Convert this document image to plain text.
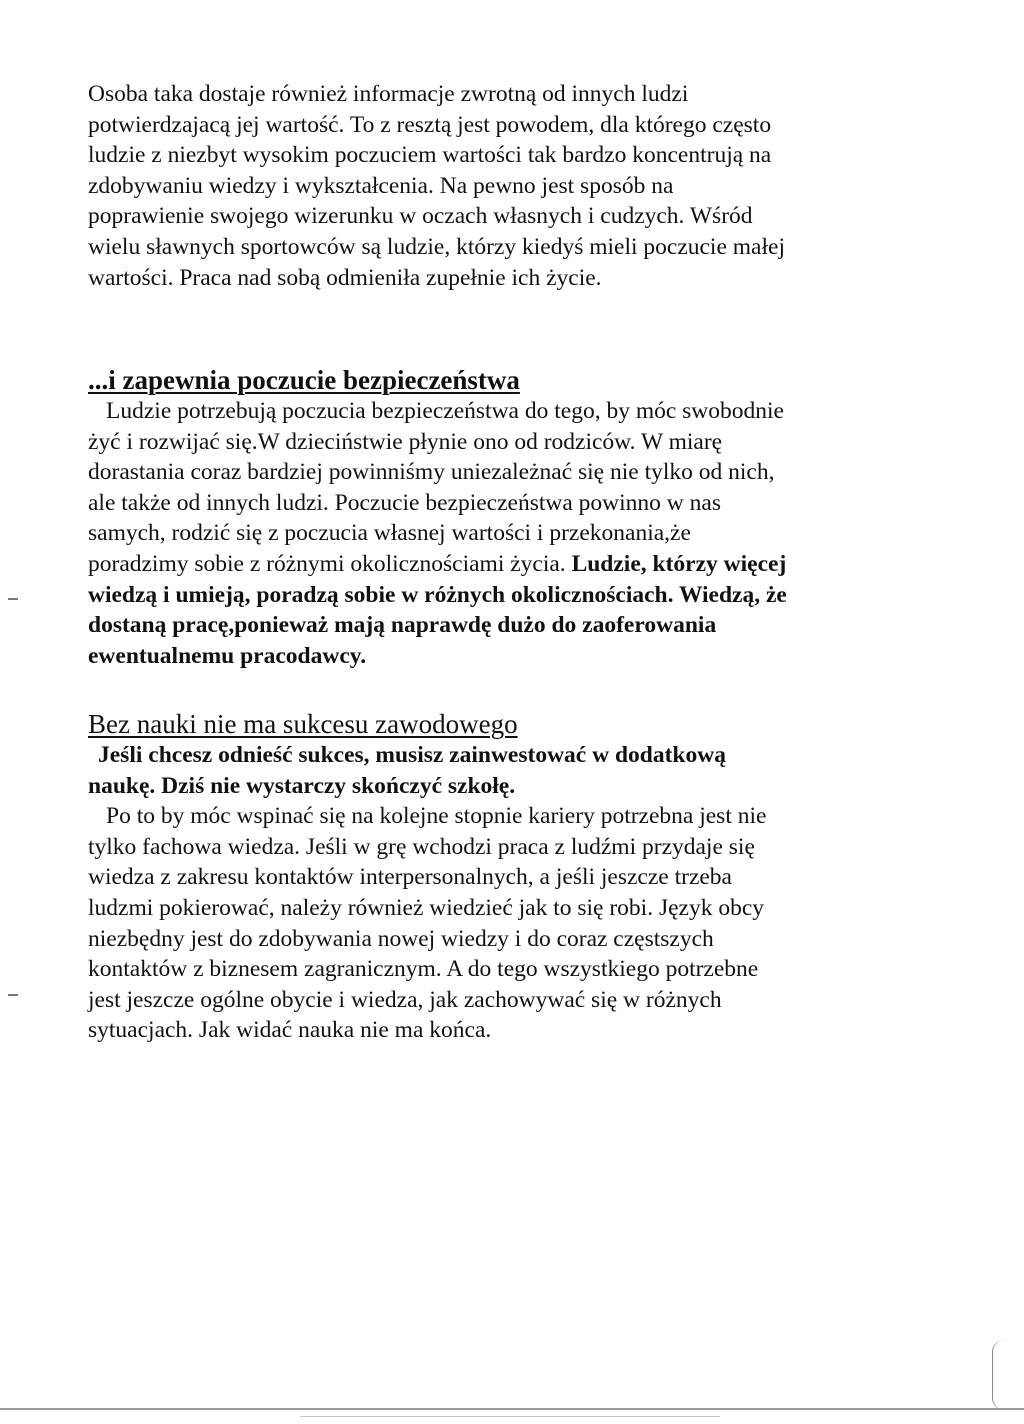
Osoba taka dostaje również informacje zwrotną od innych ludzi
potwierdzajacą jej wartość. To z resztą jest powodem, dla którego często
ludzie z niezbyt wysokim poczuciem wartości tak bardzo koncentrują na
zdobywaniu wiedzy i wykształcenia. Na pewno jest sposób na
poprawienie swojego wizerunku w oczach własnych i cudzych. Wśród
wielu sławnych sportowców są ludzie, którzy kiedyś mieli poczucie małej
wartości. Praca nad sobą odmieniła zupełnie ich życie.
...i zapewnia poczucie bezpieczeństwa
Ludzie potrzebują poczucia bezpieczeństwa do tego, by móc swobodnie
żyć i rozwijać się.W dzieciństwie płynie ono od rodziców. W miarę
dorastania coraz bardziej powinniśmy uniezależnać się nie tylko od nich,
ale także od innych ludzi. Poczucie bezpieczeństwa powinno w nas
samych, rodzić się z poczucia własnej wartości i przekonania,że
poradzimy sobie z różnymi okolicznościami życia. Ludzie, którzy więcej
wiedzą i umieją, poradzą sobie w różnych okolicznościach. Wiedzą, że
dostaną pracę,ponieważ mają naprawdę dużo do zaoferowania
ewentualnemu pracodawcy.
Bez nauki nie ma sukcesu zawodowego
Jeśli chcesz odnieść sukces, musisz zainwestować w dodatkową
naukę. Dziś nie wystarczy skończyć szkołę.
Po to by móc wspinać się na kolejne stopnie kariery potrzebna jest nie
tylko fachowa wiedza. Jeśli w grę wchodzi praca z ludźmi przydaje się
wiedza z zakresu kontaktów interpersonalnych, a jeśli jeszcze trzeba
ludzmi pokierować, należy również wiedzieć jak to się robi. Język obcy
niezbędny jest do zdobywania nowej wiedzy i do coraz częstszych
kontaktów z biznesem zagranicznym. A do tego wszystkiego potrzebne
jest jeszcze ogólne obycie i wiedza, jak zachowywać się w różnych
sytuacjach. Jak widać nauka nie ma końca.
